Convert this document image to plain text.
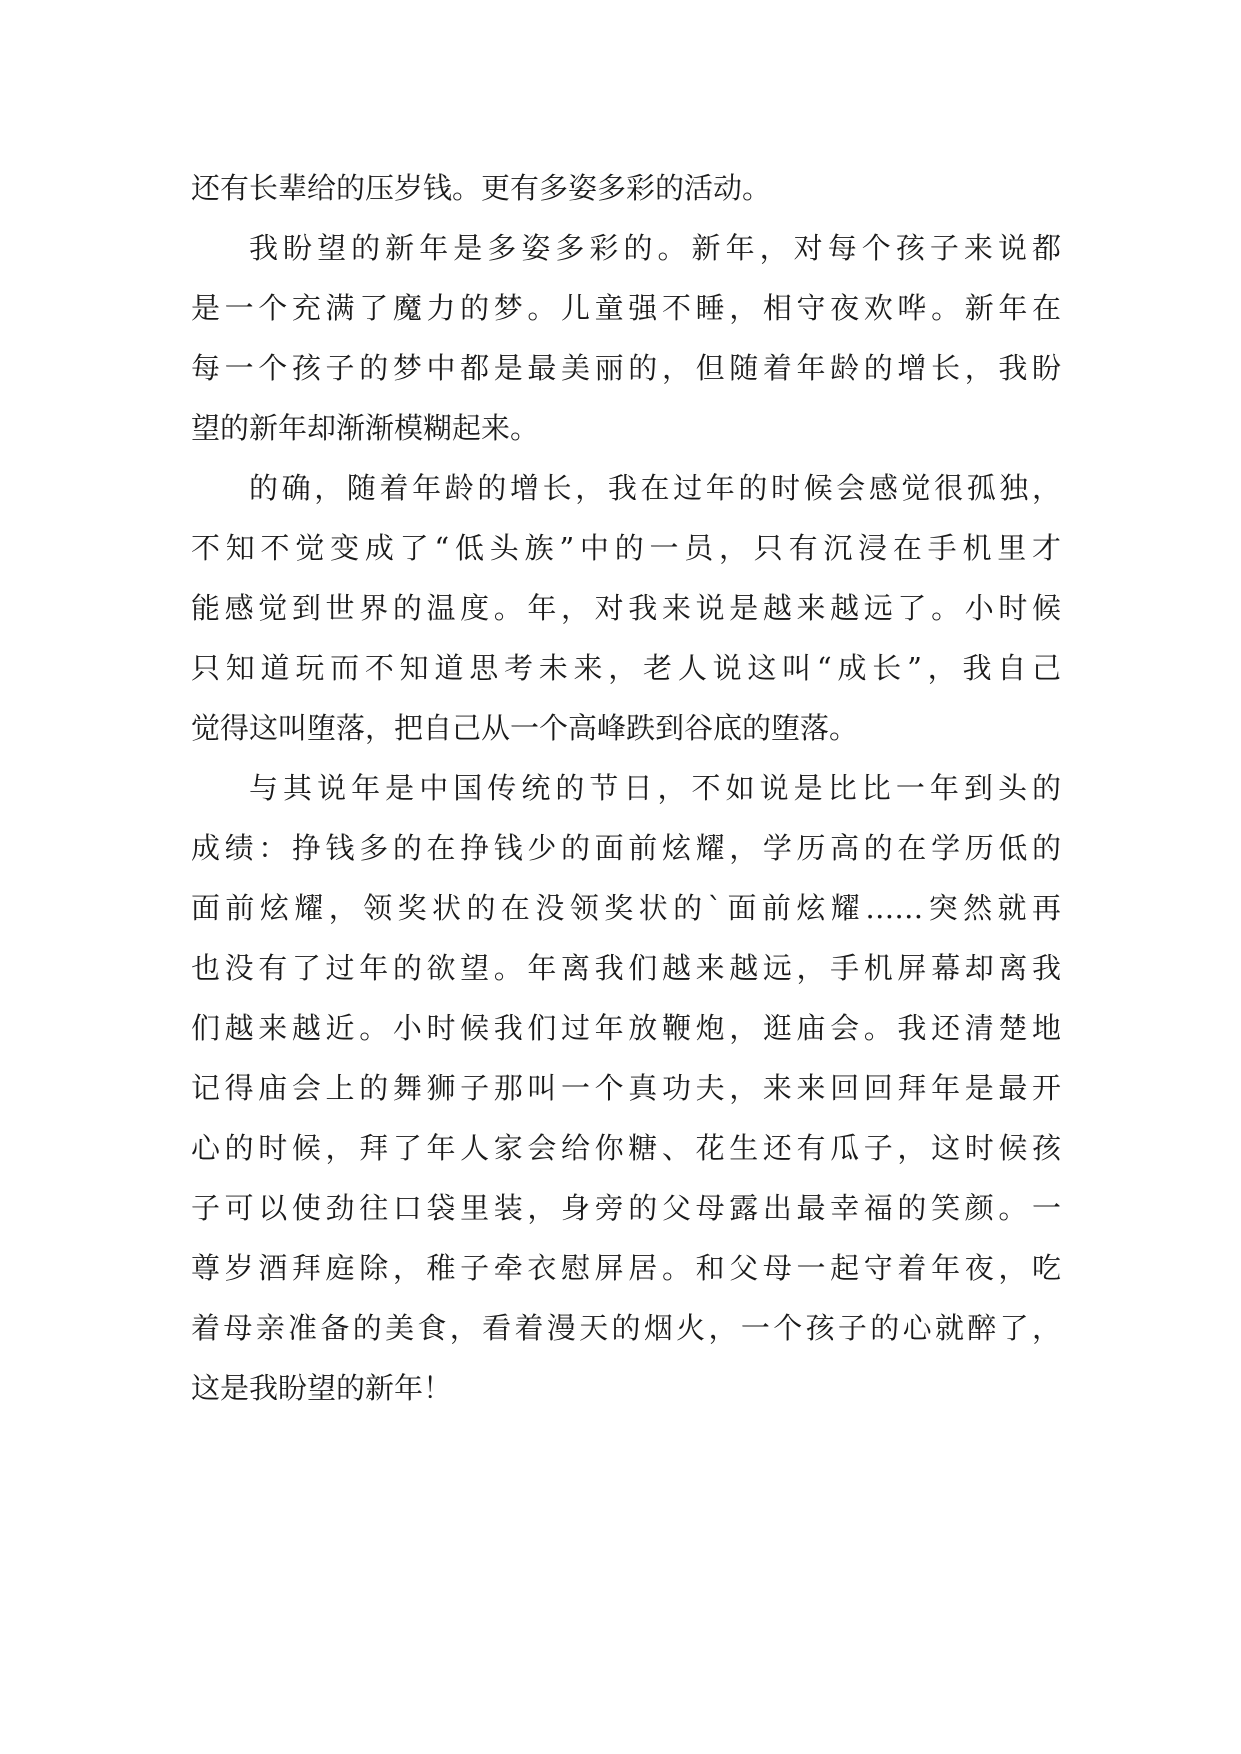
还有长辈给的压岁钱。更有多姿多彩的活动。
我盼望的新年是多姿多彩的。新年，对每个孩子来说都
是一个充满了魔力的梦。儿童强不睡，相守夜欢哗。新年在
每一个孩子的梦中都是最美丽的，但随着年龄的增长，我盼
望的新年却渐渐模糊起来。
的确，随着年龄的增长，我在过年的时候会感觉很孤独，
不知不觉变成了“低头族”中的一员，只有沉浸在手机里才
能感觉到世界的温度。年，对我来说是越来越远了。小时候
只知道玩而不知道思考未来，老人说这叫“成长”，我自己
觉得这叫堕落，把自己从一个高峰跌到谷底的堕落。
与其说年是中国传统的节日，不如说是比比一年到头的
成绩：挣钱多的在挣钱少的面前炫耀，学历高的在学历低的
面前炫耀，领奖状的在没领奖状的`面前炫耀……突然就再
也没有了过年的欲望。年离我们越来越远，手机屏幕却离我
们越来越近。小时候我们过年放鞭炮，逛庙会。我还清楚地
记得庙会上的舞狮子那叫一个真功夫，来来回回拜年是最开
心的时候，拜了年人家会给你糖、花生还有瓜子，这时候孩
子可以使劲往口袋里装，身旁的父母露出最幸福的笑颜。一
尊岁酒拜庭除，稚子牵衣慰屏居。和父母一起守着年夜，吃
着母亲准备的美食，看着漫天的烟火，一个孩子的心就醉了，
这是我盼望的新年！
